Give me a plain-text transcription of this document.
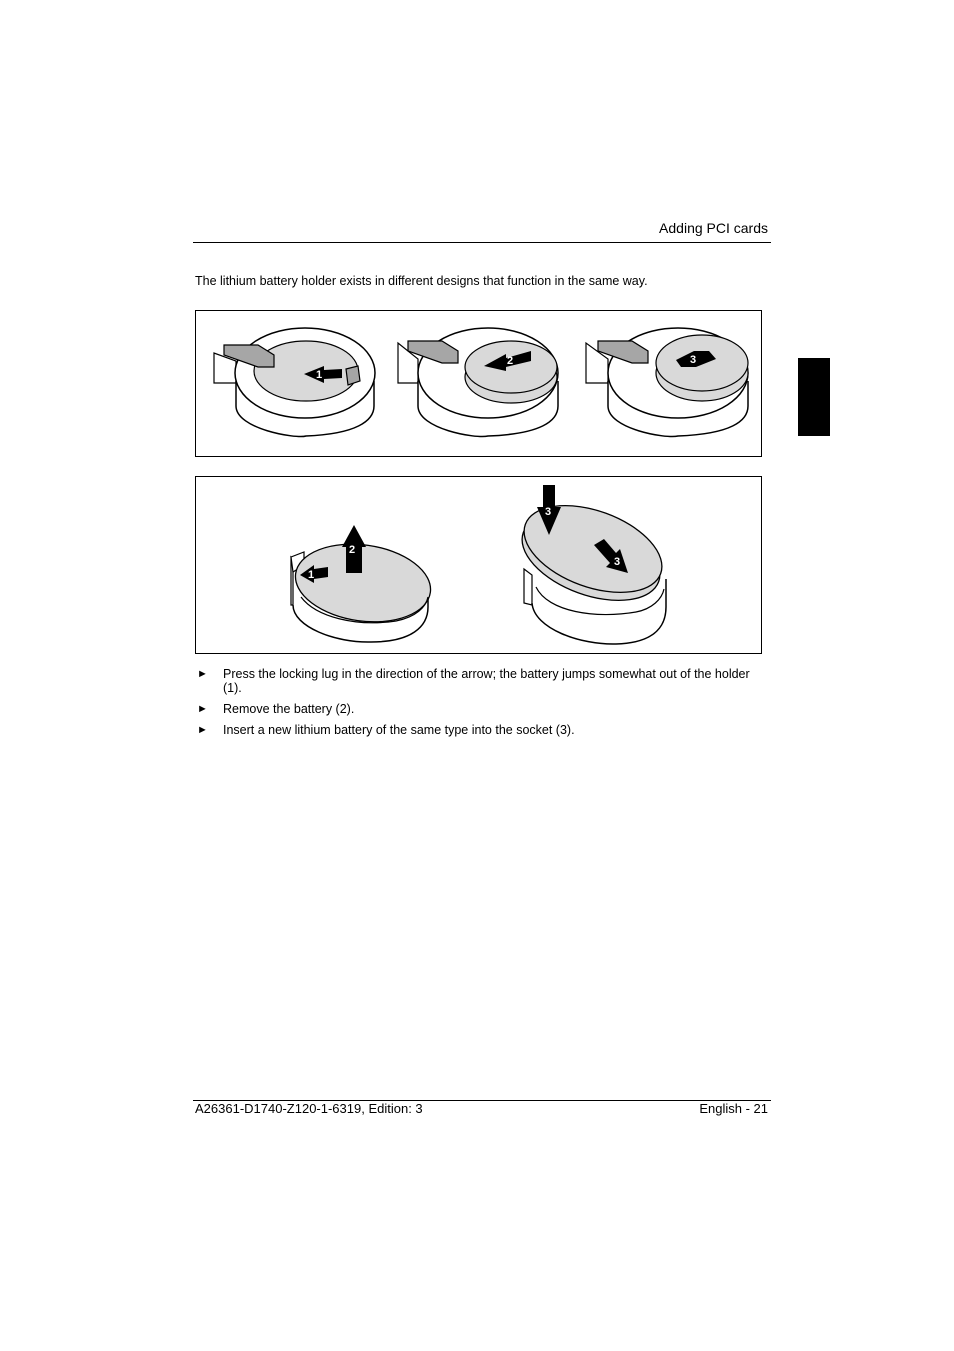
Adding PCI cards
The lithium battery holder exists in different designs that function in the same way.
1
2	3
2
1
3
3
► Press the locking lug in the direction of the arrow; the battery jumps somewhat out of the holder (1).
► Remove the battery (2).
► Insert a new lithium battery of the same type into the socket (3).
A26361-D1740-Z120-1-6319, Edition: 3	English - 21
